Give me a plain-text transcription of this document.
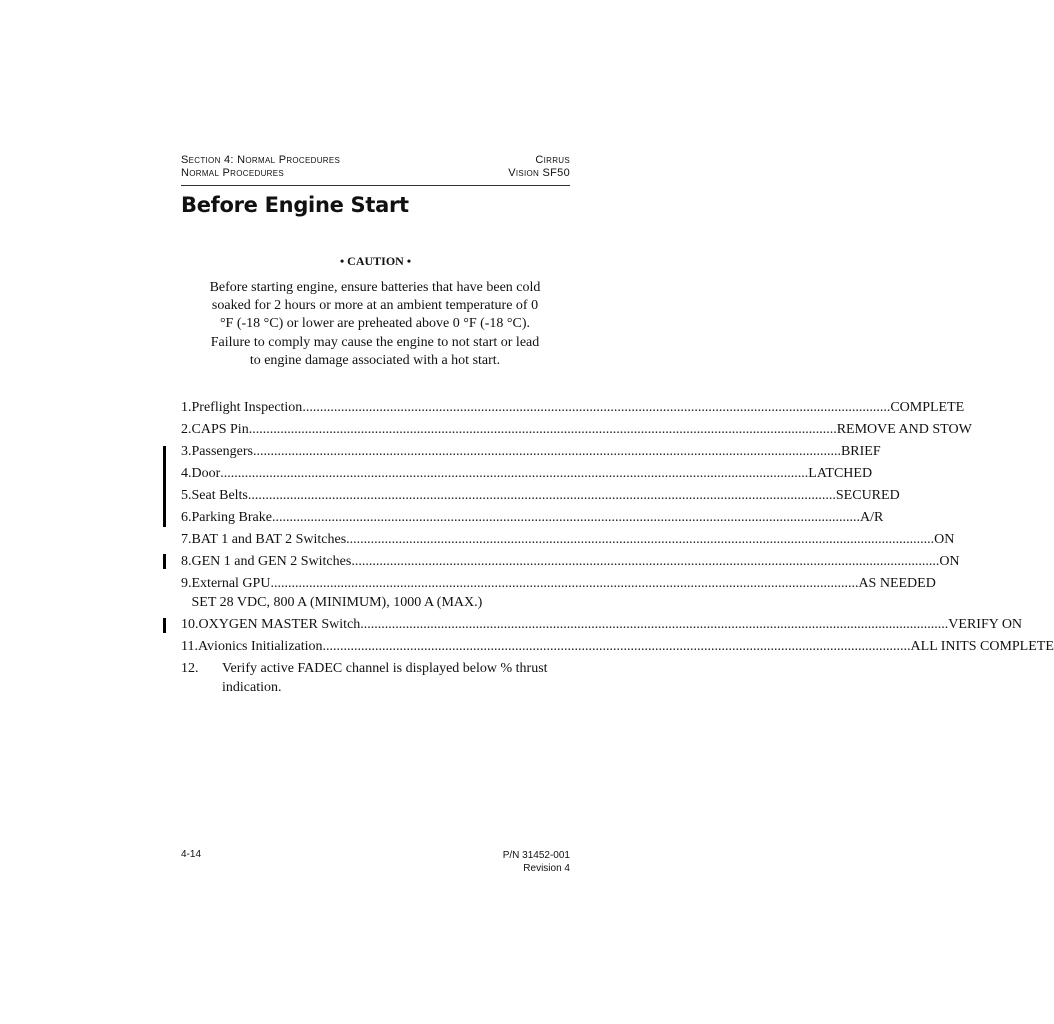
Section 4: Normal Procedures
Normal Procedures
Cirrus
Vision SF50
Before Engine Start
• CAUTION •
Before starting engine, ensure batteries that have been cold soaked for 2 hours or more at an ambient temperature of 0 °F (-18 °C) or lower are preheated above 0 °F (-18 °C). Failure to comply may cause the engine to not start or lead to engine damage associated with a hot start.
1. Preflight Inspection .....	COMPLETE
2. CAPS Pin .....	REMOVE AND STOW
3. Passengers .....	BRIEF
4. Door .....	LATCHED
5. Seat Belts .....	SECURED
6. Parking Brake .....	A/R
7. BAT 1 and BAT 2 Switches .....	ON
8. GEN 1 and GEN 2 Switches .....	ON
9. External GPU .....	AS NEEDED
SET 28 VDC, 800 A (MINIMUM), 1000 A (MAX.)
10. OXYGEN MASTER Switch .....	VERIFY ON
11. Avionics Initialization .....	ALL INITS COMPLETE
12.	Verify active FADEC channel is displayed below % thrust indication.
4-14	P/N 31452-001
Revision 4
